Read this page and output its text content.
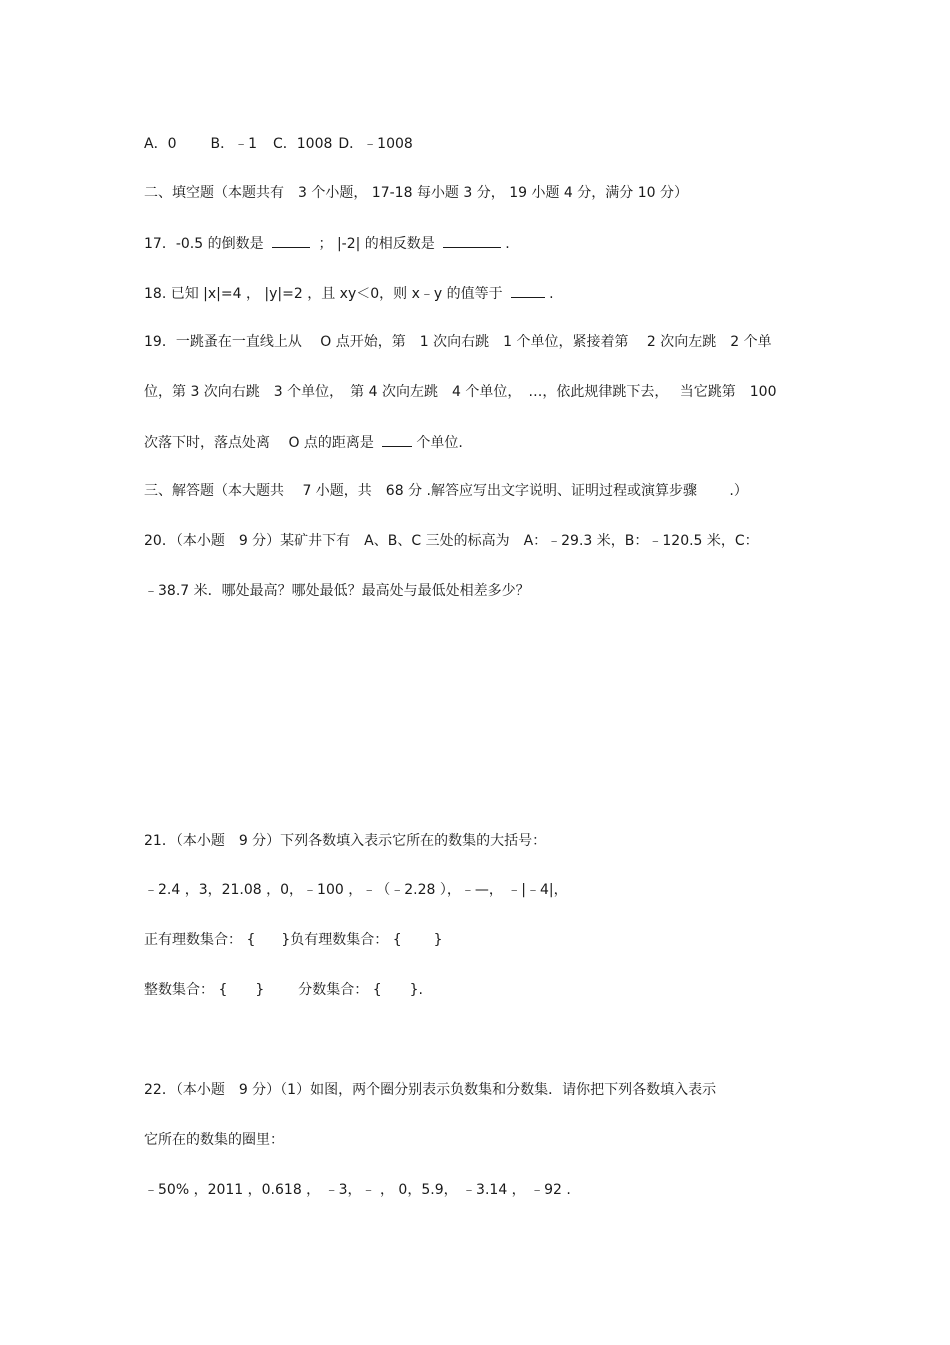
A．0 B．﹣1 C．1008 D．﹣1008
二、填空题（本题共有　3 个小题， 17-18 每小题 3 分， 19 小题 4 分，满分 10 分）
17．-0.5 的倒数是	； |-2| 的相反数是	.
18. 已知 |x|=4 ， |y|=2 ，且 xy＜0，则 x﹣y 的值等于	.
19．一跳蚤在一直线上从　 O 点开始，第　1 次向右跳　1 个单位，紧接着第　 2 次向左跳　2 个单
位，第 3 次向右跳　3 个单位，　第 4 次向左跳　4 个单位，　…，依此规律跳下去，　 当它跳第　100
次落下时，落点处离　 O 点的距离是	个单位.
三、解答题（本大题共　 7 小题，共　68 分 .解答应写出文字说明、证明过程或演算步骤　　 .）
20．（本小题　9 分）某矿井下有　A、B、C 三处的标高为　A：﹣29.3 米，B：﹣120.5 米，C：
﹣38.7 米．哪处最高？哪处最低？最高处与最低处相差多少？
21．（本小题　9 分）下列各数填入表示它所在的数集的大括号：
﹣2.4 ，3，21.08 ，0，﹣100 ，﹣（﹣2.28 ），﹣—， ﹣|﹣4|，
正有理数集合： { }负有理数集合： { }
整数集合： { } 分数集合： { }.
22．（本小题　9 分）（1）如图，两个圈分别表示负数集和分数集．请你把下列各数填入表示
它所在的数集的圈里：
﹣50% ，2011 ，0.618 ， ﹣3，﹣ ， 0，5.9， ﹣3.14 ， ﹣92 .
